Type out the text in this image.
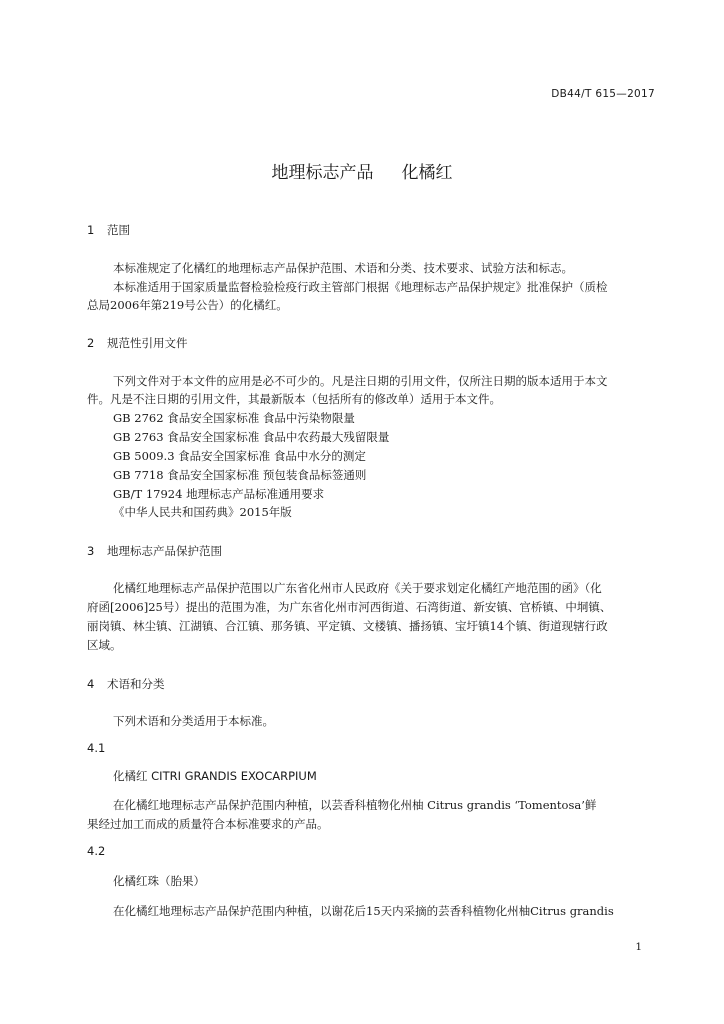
DB44/T 615—2017
地理标志产品 化橘红
1 范围
本标准规定了化橘红的地理标志产品保护范围、术语和分类、技术要求、试验方法和标志。
本标准适用于国家质量监督检验检疫行政主管部门根据《地理标志产品保护规定》批准保护（质检
总局2006年第219号公告）的化橘红。
2 规范性引用文件
下列文件对于本文件的应用是必不可少的。凡是注日期的引用文件，仅所注日期的版本适用于本文
件。凡是不注日期的引用文件，其最新版本（包括所有的修改单）适用于本文件。
GB 2762 食品安全国家标准 食品中污染物限量
GB 2763 食品安全国家标准 食品中农药最大残留限量
GB 5009.3 食品安全国家标准 食品中水分的测定
GB 7718 食品安全国家标准 预包装食品标签通则
GB/T 17924 地理标志产品标准通用要求
《中华人民共和国药典》2015年版
3 地理标志产品保护范围
化橘红地理标志产品保护范围以广东省化州市人民政府《关于要求划定化橘红产地范围的函》（化
府函[2006]25号）提出的范围为准，为广东省化州市河西街道、石湾街道、新安镇、官桥镇、中垌镇、
丽岗镇、林尘镇、江湖镇、合江镇、那务镇、平定镇、文楼镇、播扬镇、宝圩镇14个镇、街道现辖行政
区域。
4 术语和分类
下列术语和分类适用于本标准。
4.1
化橘红 CITRI GRANDIS EXOCARPIUM
在化橘红地理标志产品保护范围内种植，以芸香科植物化州柚 Citrus grandis ‘Tomentosa’鲜
果经过加工而成的质量符合本标准要求的产品。
4.2
化橘红珠（胎果）
在化橘红地理标志产品保护范围内种植，以谢花后15天内采摘的芸香科植物化州柚Citrus grandis
1
